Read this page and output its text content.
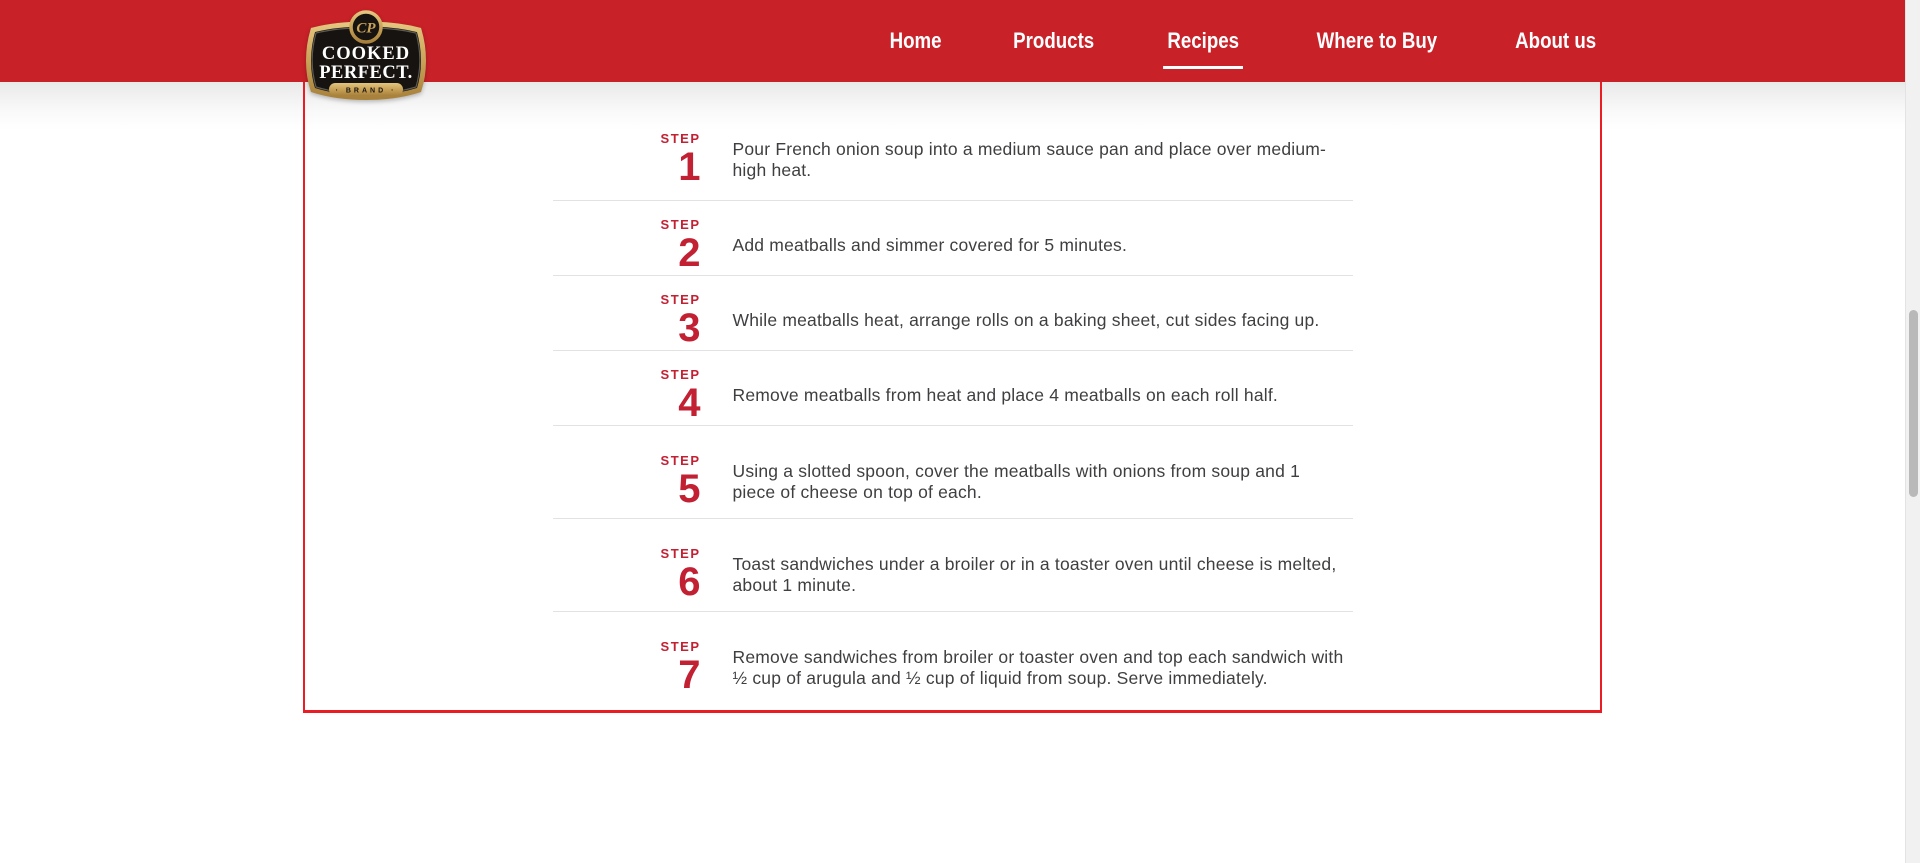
CP
COOKED
PERFECT.
· BRAND ·
Home	Products	Recipes	Where to Buy	About us
STEP
1 Pour French onion soup into a medium sauce pan and place over medium-high heat.
STEP
2 Add meatballs and simmer covered for 5 minutes.
STEP
3 While meatballs heat, arrange rolls on a baking sheet, cut sides facing up.
STEP
4 Remove meatballs from heat and place 4 meatballs on each roll half.
STEP
5 Using a slotted spoon, cover the meatballs with onions from soup and 1 piece of cheese on top of each.
STEP
6 Toast sandwiches under a broiler or in a toaster oven until cheese is melted, about 1 minute.
STEP
7 Remove sandwiches from broiler or toaster oven and top each sandwich with ½ cup of arugula and ½ cup of liquid from soup. Serve immediately.
